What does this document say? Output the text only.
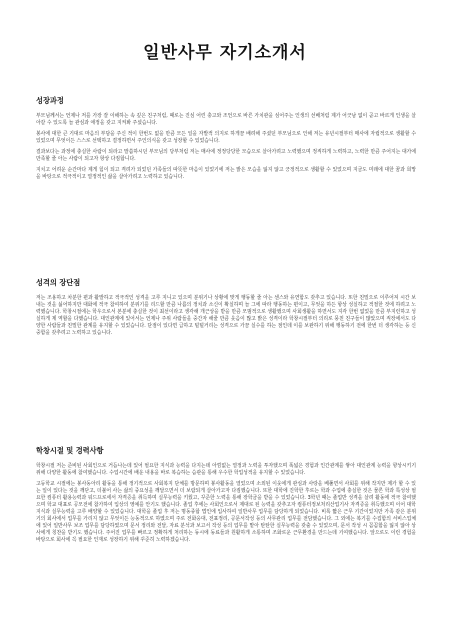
일반사무 자기소개서
성장과정

부모님께서는 언제나 저를 가장 잘 이해하는 속 깊은 친구처럼, 때로는 진심 어린 충고와 조언으로 바른 가치관을 심어주는 인생의 선배처럼 제가 어긋남 없이 곧고 바르게 인생을 살아갈 수 있도록 늘 관심과 애정을 갖고 지켜봐 주셨습니다.

봉사에 대한 큰 기대로 마음의 부담을 주신 적이 한번도 없을 만큼 모든 일을 자발적 의지로 하게끔 배려해 주셨던 부모님으로 인해 저는 유년시절부터 매사에 자립적으로 생활할 수 있었으며 무엇이든 스스로 선택하고 결정하면서 주인의식을 갖고 성장할 수 있었습니다.

결과보다는 과정에 충실한 사람이 되라고 말씀하시던 부모님의 당부처럼 저는 매사에 정정당당한 모습으로 살아가려고 노력했으며 정직하게 노력하고, 노력한 만큼 주어지는 대가에 만족할 줄 아는 사람이 되고자 항상 다짐합니다.

지치고 어려운 순간마다 제게 힘이 되고 격려가 되었던 가족들의 따뜻한 마음이 있었기에 저는 밝은 모습을 잃지 않고 긍정적으로 생활할 수 있었으며 지금도 미래에 대한 꿈과 희망을 바탕으로 적극적이고 열정적인 삶을 살아가려고 노력하고 있습니다.

성격의 장단점

저는 조용하고 차분한 편과 활발하고 적극적인 성격을 고루 지니고 있으며 분위기나 상황에 맞게 행동할 줄 아는 센스와 유연함도 갖추고 있습니다. 또한 친밀으로 이루어져 시간 보내는 것을 싫어하지만 대화에 적극 참여하여 분위기를 리드할 만큼 나름의 정치과 소신이 확실하며 늘 그에 따라 행동하는 편이고, 무엇을 하든 항상 성실하고 적절한 것에 하려고 노력했습니다. 학창시절에는 학우으로서 본분에 충실한 것이 최선이라고 생각해 개근상을 받을 만큼 모범적으로 생활했으며 사회생활을 하면서도 지각 한번 없었을 만큼 부지런하고 성실하게 제 역할을 다했습니다. 대인관계에 있어서는 언제나 주위 사람들을 중간자 해줄 만큼 웃음이 많고 밝은 성격이라 학창시절부터 의리로 뭉친 친구들이 많았으며 직장에서도 다양한 사람들과 친밀한 관계를 유지할 수 있었습니다. 단점이 있다면 급하고 털털거리는 성격으로 가끔 실수를 하는 점인데 이를 보완하기 위해 행동하기 전에 한번 더 생각하는 등 신중함을 갖추려고 노력하고 있습니다.

학창시절 및 경력사항

학창시절 저는 준비된 사회인으로 거듭나는데 있어 필요한 지식과 능력을 다지는데 아낌없는 열정과 노력을 투자했으며 폭넓은 경험과 인간관계를 쌓아 대인관계 능력을 향상시키기 위해 다양한 활동에 참여했습니다. 수업시간에 배운 내용을 바로 복습하는 습관을 통해 우수한 학업성적을 유지할 수 있었습니다.

고등학교 시절에는 봉사동아리 활동을 통해 정기적으로 사회복지 단체를 방문하며 봉사활동을 열었으며 소외된 이웃에게 관심과 사랑을 베풀면서 사회를 위해 작지만 제가 할 수 있는 일이 있다는 것을 깨닫고, 더불어 사는 삶의 중요성을 깨달으면서 더 보람되게 살아가고자 다짐했습니다. 또한 대학에 진학한 후로는 학과 수업에 충실한 것은 물론 학과 특성상 필요한 컴퓨터 활용능력과 워드프로세서 자격증을 취득하며 실무능력을 키웠고, 꾸준한 노력을 통해 장학금을 받을 수 있었습니다. 3학년 때는 졸업반 성격을 살려 활동에 적극 참여했으며 학교 대표로 공모전에 참가하여 입상의 영예를 안기도 했습니다. 졸업 후에는 사회인으로서 제대로 된 능력을 갖추고자 컴퓨터정보처리산업기사 자격증을 취득했으며 이어 대학 지식과 실무능력을 고루 배양할 수 있었습니다. 대학을 졸업 후 저는 명동종합 법인에 입사하여 일반사무 업무를 담당하게 되었습니다. 비록 짧은 근무 기간이었지만 가족 같은 분위기의 회사에서 업무를 가리지 않고 무엇이든 능동적으로 하였으며 주로 전화응대, 전표정리, 공문서작성 등의 사무관리 업무를 전담했습니다. 그 외에는 복기를 수집함의 서비스업체에 있어 일반사무 보조 업무를 담당하였으며 문서 정리와 전달, 자료 분석과 보고서 작성 등의 업무를 맡아 탄탄한 실무능력을 갖출 수 있었으며, 문서 작성 시 꼼꼼함을 잃지 않아 상사에게 칭찬을 받기도 했습니다. 주어진 업무를 빠르고 정확하게 처리하는 동시에 동료들과 원활하게 소통하며 조화로운 근무환경을 만드는데 기여했습니다. 앞으로도 이런 경험을 바탕으로 회사에 꼭 필요한 인재로 성장하기 위해 꾸준히 노력하겠습니다.
